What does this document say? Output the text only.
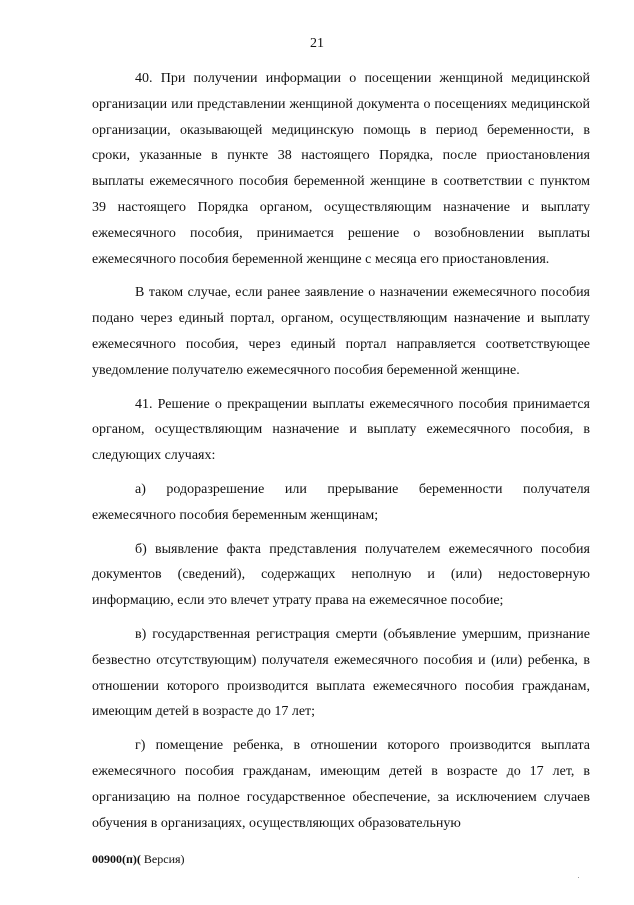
21

40. При получении информации о посещении женщиной медицинской организации или представлении женщиной документа о посещениях медицинской организации, оказывающей медицинскую помощь в период беременности, в сроки, указанные в пункте 38 настоящего Порядка, после приостановления выплаты ежемесячного пособия беременной женщине в соответствии с пунктом 39 настоящего Порядка органом, осуществляющим назначение и выплату ежемесячного пособия, принимается решение о возобновлении выплаты ежемесячного пособия беременной женщине с месяца его приостановления.

В таком случае, если ранее заявление о назначении ежемесячного пособия подано через единый портал, органом, осуществляющим назначение и выплату ежемесячного пособия, через единый портал направляется соответствующее уведомление получателю ежемесячного пособия беременной женщине.

41. Решение о прекращении выплаты ежемесячного пособия принимается органом, осуществляющим назначение и выплату ежемесячного пособия, в следующих случаях:

а) родоразрешение или прерывание беременности получателя ежемесячного пособия беременным женщинам;

б) выявление факта представления получателем ежемесячного пособия документов (сведений), содержащих неполную и (или) недостоверную информацию, если это влечет утрату права на ежемесячное пособие;

в) государственная регистрация смерти (объявление умершим, признание безвестно отсутствующим) получателя ежемесячного пособия и (или) ребенка, в отношении которого производится выплата ежемесячного пособия гражданам, имеющим детей в возрасте до 17 лет;

г) помещение ребенка, в отношении которого производится выплата ежемесячного пособия гражданам, имеющим детей в возрасте до 17 лет, в организацию на полное государственное обеспечение, за исключением случаев обучения в организациях, осуществляющих образовательную

00900(п)( Версия)
